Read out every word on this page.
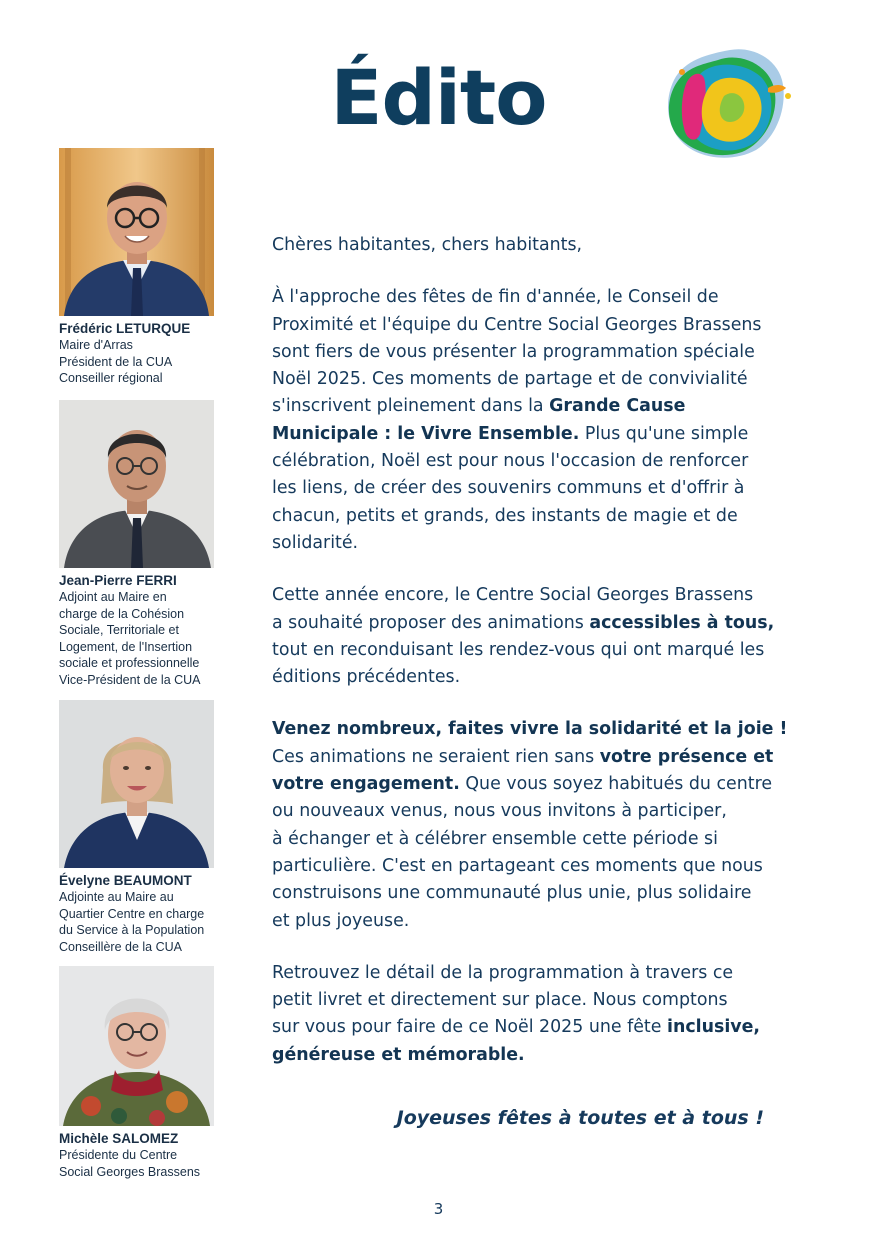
Édito
Frédéric LETURQUE
Maire d'Arras
Président de la CUA
Conseiller régional
Jean-Pierre FERRI
Adjoint au Maire en
charge de la Cohésion
Sociale, Territoriale et
Logement, de l'Insertion
sociale et professionnelle
Vice-Président de la CUA
Évelyne BEAUMONT
Adjointe au Maire au
Quartier Centre en charge
du Service à la Population
Conseillère de la CUA
Michèle SALOMEZ
Présidente du Centre
Social Georges Brassens

Chères habitantes, chers habitants,

À l'approche des fêtes de fin d'année, le Conseil de
Proximité et l'équipe du Centre Social Georges Brassens
sont fiers de vous présenter la programmation spéciale
Noël 2025. Ces moments de partage et de convivialité
s'inscrivent pleinement dans la Grande Cause
Municipale : le Vivre Ensemble. Plus qu'une simple
célébration, Noël est pour nous l'occasion de renforcer
les liens, de créer des souvenirs communs et d'offrir à
chacun, petits et grands, des instants de magie et de
solidarité.

Cette année encore, le Centre Social Georges Brassens
a souhaité proposer des animations accessibles à tous,
tout en reconduisant les rendez-vous qui ont marqué les
éditions précédentes.

Venez nombreux, faites vivre la solidarité et la joie !
Ces animations ne seraient rien sans votre présence et
votre engagement. Que vous soyez habitués du centre
ou nouveaux venus, nous vous invitons à participer,
à échanger et à célébrer ensemble cette période si
particulière. C'est en partageant ces moments que nous
construisons une communauté plus unie, plus solidaire
et plus joyeuse.

Retrouvez le détail de la programmation à travers ce
petit livret et directement sur place. Nous comptons
sur vous pour faire de ce Noël 2025 une fête inclusive,
généreuse et mémorable.

Joyeuses fêtes à toutes et à tous !
3
